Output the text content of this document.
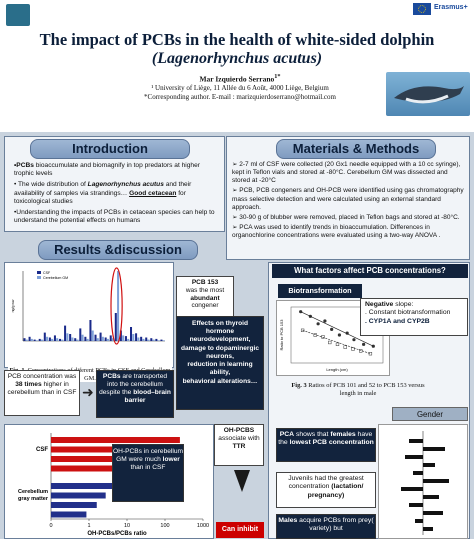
Erasmus+
The impact of PCBs in the health of white-sided dolphin
(Lagenorhynchus acutus)
Mar Izquierdo Serrano$^{1*}$
¹ University of Liège, 11 Allée du 6 Août, 4000 Liège, Belgium
*Corresponding author. E-mail : marizquierdoserrano@hotmail.com
Introduction
•PCBs bioaccumulate and biomagnify in top predators at higher trophic levels
• The wide distribution of Lagenorhynchus acutus and their availability of samples via strandings… Good cetacean for toxicological studies
•Understanding the impacts of PCBs in cetacean species can help to understand the potential effects on humans
Materials & Methods
➢ 2-7 ml of CSF were collected (20 Gx1 needle equipped with a 10 cc syringe), kept in Teflon vials and stored at -80°C. Cerebellum GM was dissected and stored at -20°C
➢ PCB, PCB congeners and OH-PCB were identified using gas chromatography mass selective detection and were calculated using an external standard approach.
➢ 30-90 g of blubber were removed, placed in Teflon bags and stored at -80°C.
➢ PCA was used to identify trends in bioaccumulation. Differences in organochlorine concentrations were evaluated using a two-way ANOVA .
Results &discussion
ng/g ww
CSF
Cerebellum GM
diferent GM.
PCB 153
was the most
abundant
congener
Effects on thyroid hormone
neurodevelopment,
damage to dopaminergic neurons,
reduction in learning ability,
behavioral alterations…
PCB concentration was 38 times higher in cerebellum than in CSF ➜
PCBs are transported into the cerebellum despite the blood–brain barrier
CSF
Cerebellum
gray matter
0	1	10	100	1000
OH-PCBs/PCBs ratio
OH-PCBs in cerebellum GM were much lower than in CSF
OH-PCBS
associate with
TTR
Can inhibit
What factors affect PCB concentrations?
Biotransformation
Length (cm)
Ratio to PCB 153
Negative slope:
. Constant biotransformation
. CYP1A and CYP2B
Fig. 3 Ratios of PCB 101 and 52 to PCB 153 versus length in male
Gender
PCA shows that females have the lowest PCB concentration
Juvenils had the greatest concentration (lactation/ pregnancy)
Males acquire PCBs from prey( variety) but
